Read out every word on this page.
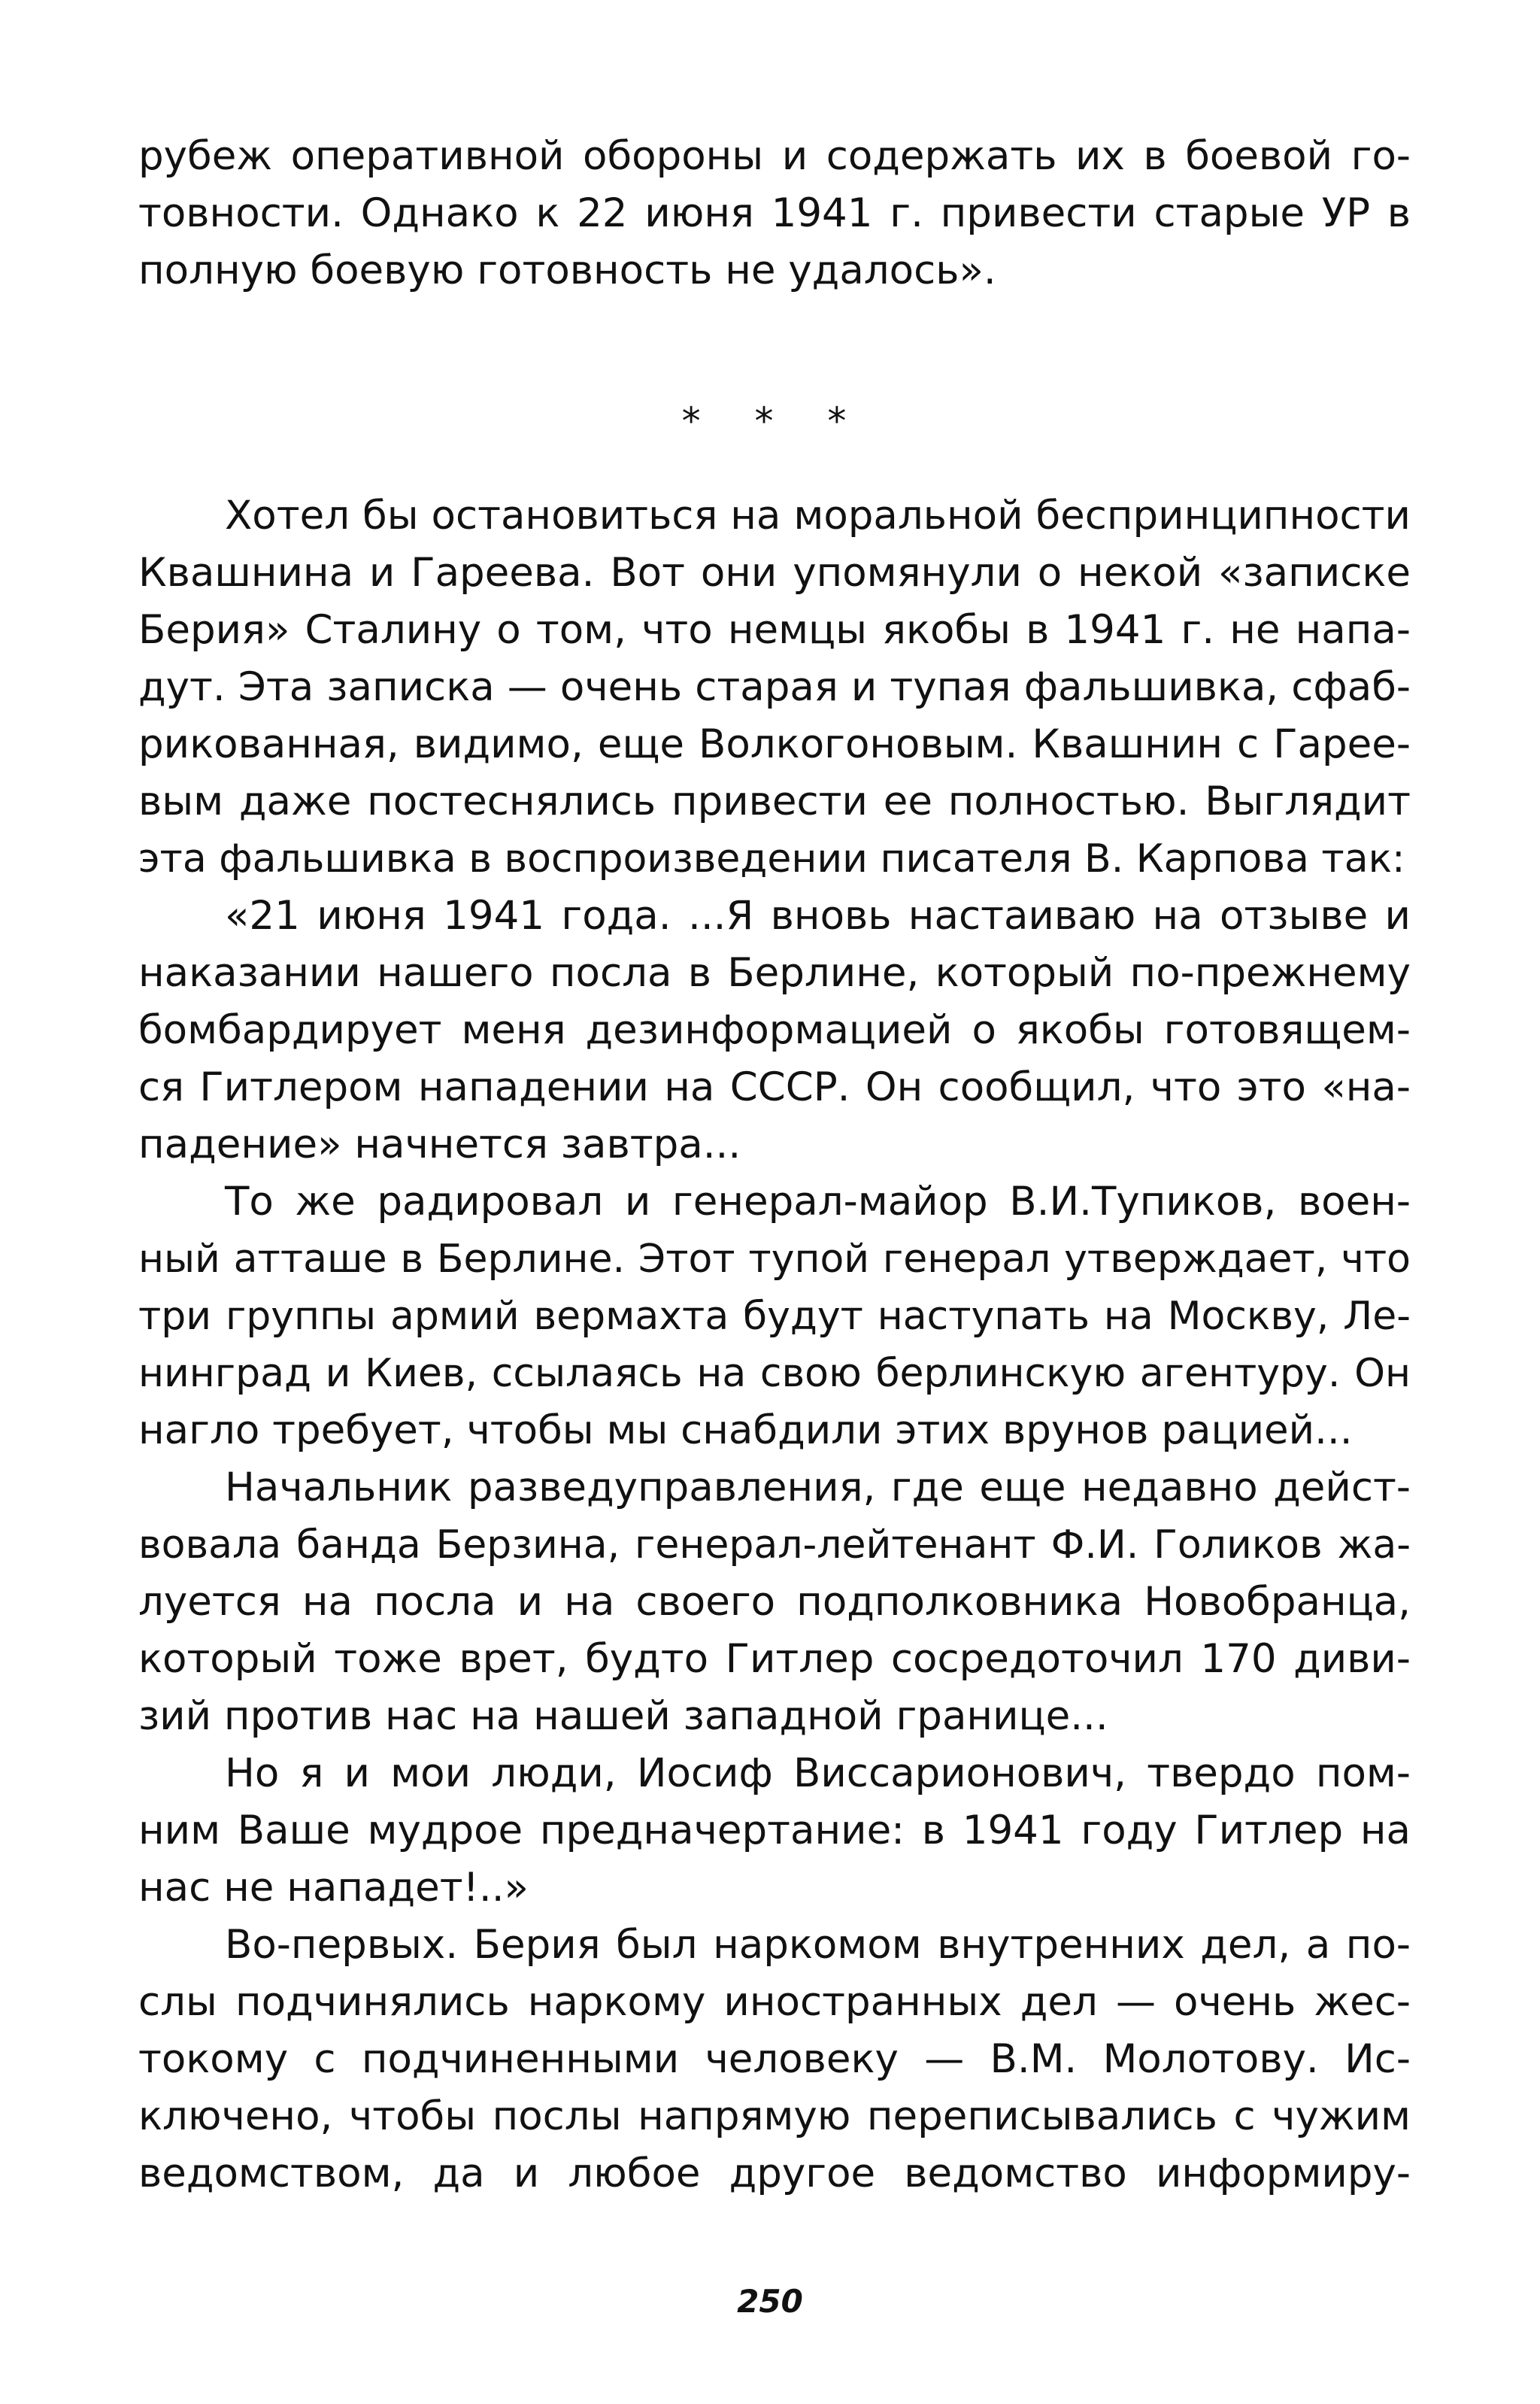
рубеж оперативной обороны и содержать их в боевой го-
товности. Однако к 22 июня 1941 г. привести старые УР в
полную боевую готовность не удалось».
* * *
Хотел бы остановиться на моральной беспринципности
Квашнина и Гареева. Вот они упомянули о некой «записке
Берия» Сталину о том, что немцы якобы в 1941 г. не напа-
дут. Эта записка — очень старая и тупая фальшивка, сфаб-
рикованная, видимо, еще Волкогоновым. Квашнин с Гарее-
вым даже постеснялись привести ее полностью. Выглядит
эта фальшивка в воспроизведении писателя В. Карпова так:
«21 июня 1941 года. ...Я вновь настаиваю на отзыве и
наказании нашего посла в Берлине, который по-прежнему
бомбардирует меня дезинформацией о якобы готовящем-
ся Гитлером нападении на СССР. Он сообщил, что это «на-
падение» начнется завтра...
То же радировал и генерал-майор В.И.Тупиков, воен-
ный атташе в Берлине. Этот тупой генерал утверждает, что
три группы армий вермахта будут наступать на Москву, Ле-
нинград и Киев, ссылаясь на свою берлинскую агентуру. Он
нагло требует, чтобы мы снабдили этих врунов рацией...
Начальник разведуправления, где еще недавно дейст-
вовала банда Берзина, генерал-лейтенант Ф.И. Голиков жа-
луется на посла и на своего подполковника Новобранца,
который тоже врет, будто Гитлер сосредоточил 170 диви-
зий против нас на нашей западной границе...
Но я и мои люди, Иосиф Виссарионович, твердо пом-
ним Ваше мудрое предначертание: в 1941 году Гитлер на
нас не нападет!..»
Во-первых. Берия был наркомом внутренних дел, а по-
слы подчинялись наркому иностранных дел — очень жес-
токому с подчиненными человеку — В.М. Молотову. Ис-
ключено, чтобы послы напрямую переписывались с чужим
ведомством, да и любое другое ведомство информиру-
250
